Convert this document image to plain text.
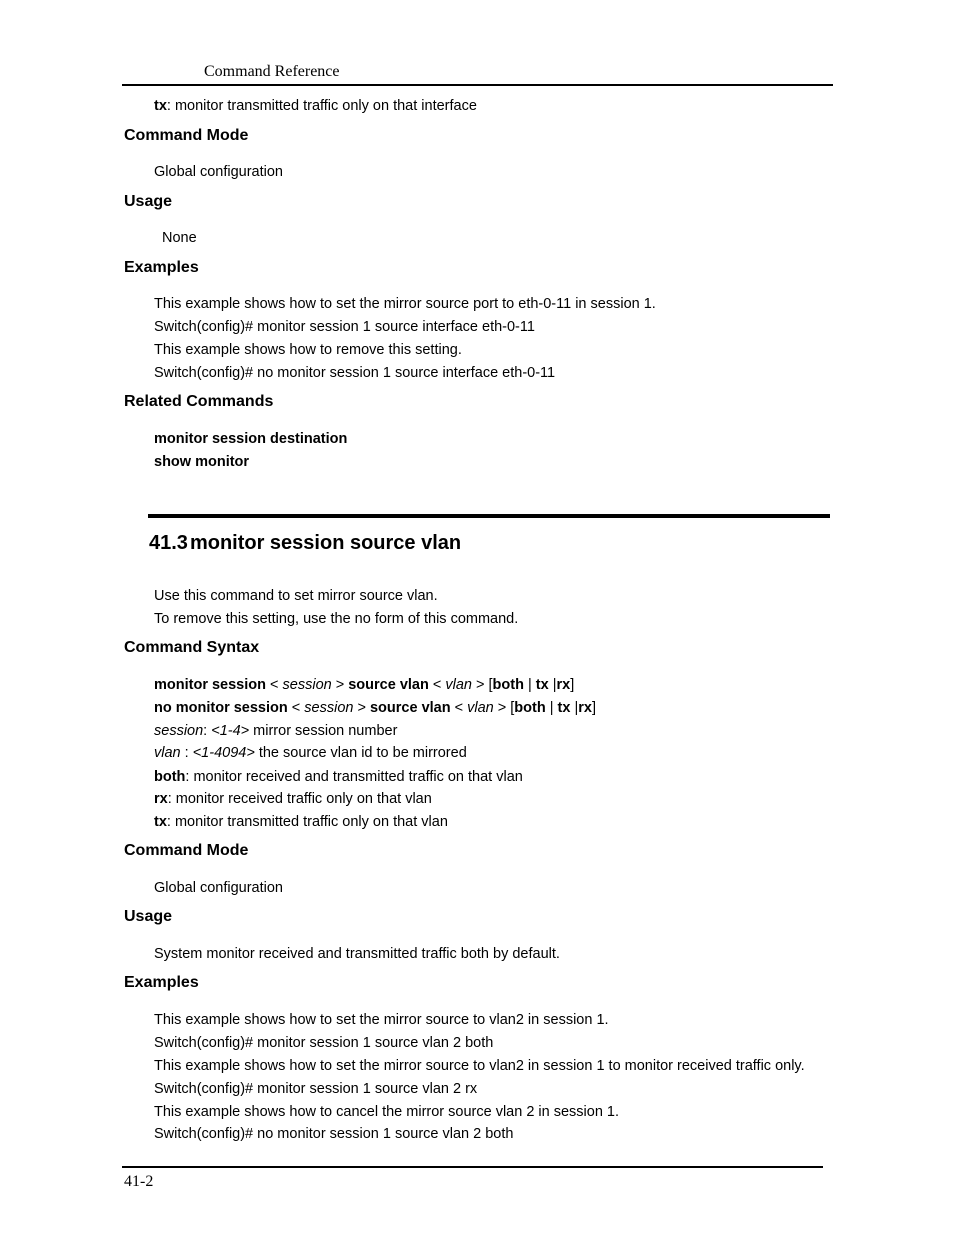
Command Reference
tx: monitor transmitted traffic only on that interface
Command Mode
Global configuration
Usage
None
Examples
This example shows how to set the mirror source port to eth-0-11 in session 1.
Switch(config)# monitor session 1 source interface eth-0-11
This example shows how to remove this setting.
Switch(config)# no monitor session 1 source interface eth-0-11
Related Commands
monitor session destination
show monitor
41.3 monitor session source vlan
Use this command to set mirror source vlan.
To remove this setting, use the no form of this command.
Command Syntax
monitor session < session > source vlan < vlan > [both | tx |rx]
no monitor session < session > source vlan < vlan > [both | tx |rx]
session: <1-4> mirror session number
vlan : <1-4094> the source vlan id to be mirrored
both: monitor received and transmitted traffic on that vlan
rx: monitor received traffic only on that vlan
tx: monitor transmitted traffic only on that vlan
Command Mode
Global configuration
Usage
System monitor received and transmitted traffic both by default.
Examples
This example shows how to set the mirror source to vlan2 in session 1.
Switch(config)# monitor session 1 source vlan 2 both
This example shows how to set the mirror source to vlan2 in session 1 to monitor received traffic only.
Switch(config)# monitor session 1 source vlan 2 rx
This example shows how to cancel the mirror source vlan 2 in session 1.
Switch(config)# no monitor session 1 source vlan 2 both
41-2
